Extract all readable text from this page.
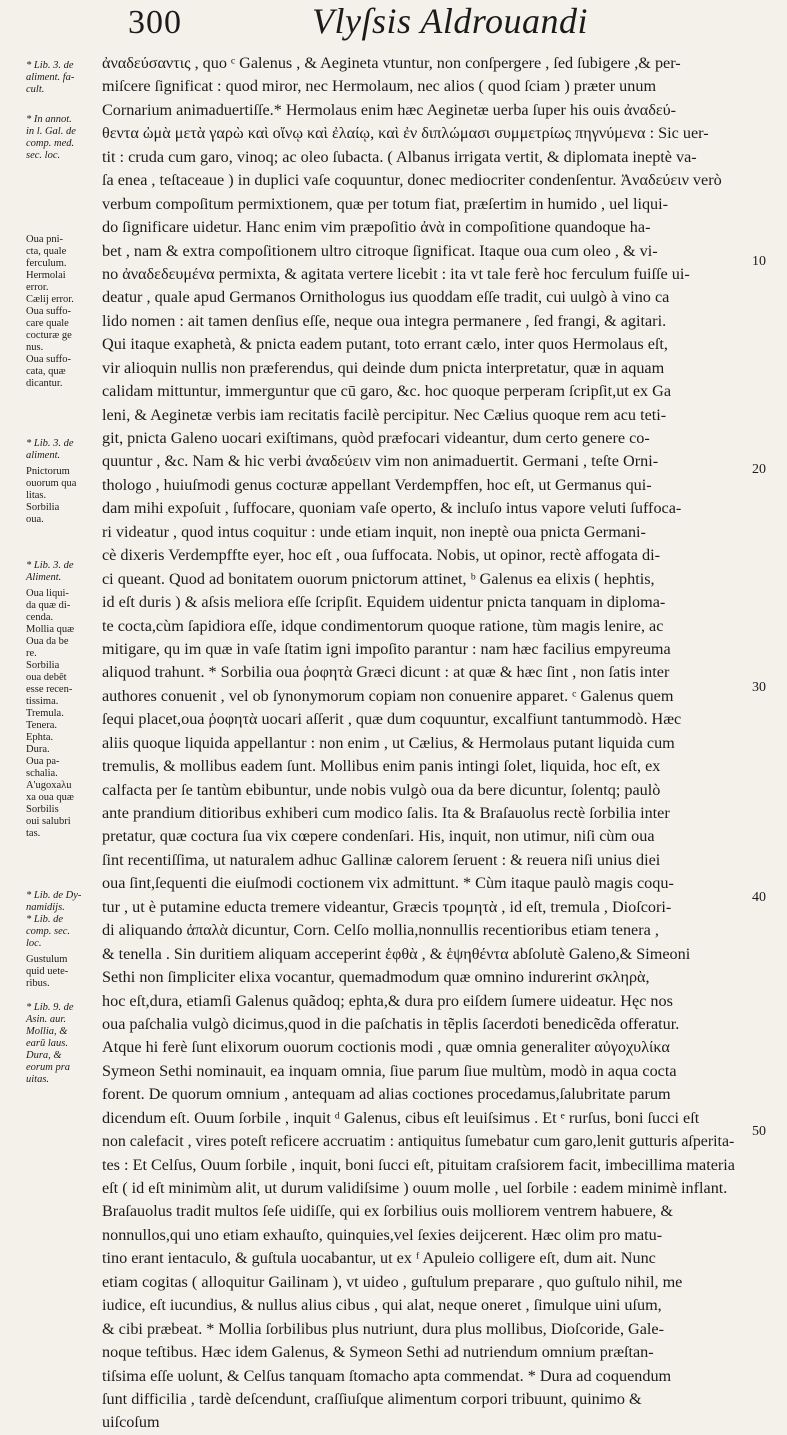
300	Vlyſsis Aldrouandi
* Lib. 3. de
aliment. fa-
cult.
* In annot.
in l. Gal. de
comp. med.
sec. loc.
Oua pni-
cta, quale
ferculum.
Hermolai
error.
Cælij error.
Oua suffo-
care quale
cocturæ ge
nus.
Oua suffo-
cata, quæ
dicantur.
* Lib. 3. de
aliment.
Pnictorum
ouorum qua
litas.
Sorbilia
oua.
* Lib. 3. de
Aliment.
Oua liqui-
da quæ di-
cenda.
Mollia quæ
Oua da be
re.
Sorbilia
oua debēt
esse recen-
tissima.
Tremula.
Tenera.
Ephta.
Dura.
Oua pa-
schalia.
A'ugoxaλu
xa oua quæ
Sorbilis
oui salubri
tas.
* Lib. de Dy-
namidijs.
* Lib. de
comp. sec.
loc.
Gustulum
quid uete-
ribus.
* Lib. 9. de
Asin. aur.
Mollia, &
earū laus.
Dura, &
eorum pra
uitas.
ἀναδεύσαντις , quo ᶜ Galenus , & Aegineta vtuntur, non conſpergere , ſed ſubigere ,& per-
miſcere ſignificat : quod miror, nec Hermolaum, nec alios ( quod ſciam ) præter unum
Cornarium animaduertiſſe.* Hermolaus enim hæc Aeginetæ uerba ſuper his ouis ἀναδεύ-
θεντα ὠμὰ μετὰ γαρὼ καὶ οἴνῳ καὶ ἐλαίῳ, καὶ ἐν διπλώμασι συμμετρίως πηγνύμενα : Sic uer-
tit : cruda cum garo, vinoq; ac oleo ſubacta. ( Albanus irrigata vertit, & diplomata ineptè va-
ſa enea , teſtaceaue ) in duplici vaſe coquuntur, donec mediocriter condenſentur. Ἀναδεύειν verò
verbum compoſitum permixtionem, quæ per totum fiat, præſertim in humido , uel liqui-
do ſignificare uidetur. Hanc enim vim præpoſitio ἀνὰ in compoſitione quandoque ha-
bet , nam & extra compoſitionem ultro citroque ſignificat. Itaque oua cum oleo , & vi-
no ἀναδεδευμένα permixta, & agitata vertere licebit : ita vt tale ferè hoc ferculum fuiſſe ui-
deatur , quale apud Germanos Ornithologus ius quoddam eſſe tradit, cui uulgò à vino ca
lido nomen : ait tamen denſius eſſe, neque oua integra permanere , ſed frangi, & agitari.
Qui itaque exaphetà, & pnicta eadem putant, toto errant cælo, inter quos Hermolaus eſt,
vir alioquin nullis non præferendus, qui deinde dum pnicta interpretatur, quæ in aquam
calidam mittuntur, immerguntur que cū garo, &c. hoc quoque perperam ſcripſit,ut ex Ga
leni, & Aeginetæ verbis iam recitatis facilè percipitur. Nec Cælius quoque rem acu teti-
git, pnicta Galeno uocari exiſtimans, quòd præfocari videantur, dum certo genere co-
quuntur , &c. Nam & hic verbi ἀναδεύειν vim non animaduertit. Germani , teſte Orni-
thologo , huiuſmodi genus cocturæ appellant Verdempffen, hoc eſt, ut Germanus qui-
dam mihi expoſuit , ſuffocare, quoniam vaſe operto, & incluſo intus vapore veluti ſuffoca-
ri videatur , quod intus coquitur : unde etiam inquit, non ineptè oua pnicta Germani-
cè dixeris Verdempffte eyer, hoc eſt , oua ſuffocata. Nobis, ut opinor, rectè affogata di-
ci queant. Quod ad bonitatem ouorum pnictorum attinet, ᵇ Galenus ea elixis ( hephtis,
id eſt duris ) & aſsis meliora eſſe ſcripſit. Equidem uidentur pnicta tanquam in diploma-
te cocta,cùm ſapidiora eſſe, idque condimentorum quoque ratione, tùm magis lenire, ac
mitigare, qu im quæ in vaſe ſtatim igni impoſito parantur : nam hæc facilius empyreuma
aliquod trahunt. * Sorbilia oua ῥοφητὰ Græci dicunt : at quæ & hæc ſint , non ſatis inter
authores conuenit , vel ob ſynonymorum copiam non conuenire apparet. ᶜ Galenus quem
ſequi placet,oua ῥοφητὰ uocari aſſerit , quæ dum coquuntur, excalfiunt tantummodò. Hæc
aliis quoque liquida appellantur : non enim , ut Cælius, & Hermolaus putant liquida cum
tremulis, & mollibus eadem ſunt. Mollibus enim panis intingi ſolet, liquida, hoc eſt, ex
calfacta per ſe tantùm ebibuntur, unde nobis vulgò oua da bere dicuntur, ſolentq; paulò
ante prandium ditioribus exhiberi cum modico ſalis. Ita & Braſauolus rectè ſorbilia inter
pretatur, quæ coctura ſua vix cœpere condenſari. His, inquit, non utimur, niſi cùm oua
ſint recentiſſima, ut naturalem adhuc Gallinæ calorem ſeruent : & reuera niſi unius diei
oua ſint,ſequenti die eiuſmodi coctionem vix admittunt. * Cùm itaque paulò magis coqu-
tur , ut è putamine educta tremere videantur, Græcis τρομητὰ , id eſt, tremula , Dioſcori-
di aliquando ἁπαλὰ dicuntur, Corn. Celſo mollia,nonnullis recentioribus etiam tenera ,
& tenella . Sin duritiem aliquam acceperint ἑφθὰ , & ἑψηθέντα abſolutè Galeno,& Simeoni
Sethi non ſimpliciter elixa vocantur, quemadmodum quæ omnino indurerint σκληρὰ,
hoc eſt,dura, etiamſi Galenus quãdoq; ephta,& dura pro eiſdem ſumere uideatur. Hęc nos
oua paſchalia vulgò dicimus,quod in die paſchatis in tẽplis ſacerdoti benedicẽda offeratur.
Atque hi ferè ſunt elixorum ouorum coctionis modi , quæ omnia generaliter αὐγοχυλίκα
Symeon Sethi nominauit, ea inquam omnia, ſiue parum ſiue multùm, modò in aqua cocta
forent. De quorum omnium , antequam ad alias coctiones procedamus,ſalubritate parum
dicendum eſt. Ouum ſorbile , inquit ᵈ Galenus, cibus eſt leuiſsimus . Et ᵉ rurſus, boni ſucci eſt
non calefacit , vires poteſt reficere accruatim : antiquitus ſumebatur cum garo,lenit gutturis aſperita-
tes : Et Celſus, Ouum ſorbile , inquit, boni ſucci eſt, pituitam craſsiorem facit, imbecillima materia
eſt ( id eſt minimùm alit, ut durum validiſsime ) ouum molle , uel ſorbile : eadem minimè inflant.
Braſauolus tradit multos ſeſe uidiſſe, qui ex ſorbilius ouis molliorem ventrem habuere, &
nonnullos,qui uno etiam exhauſto, quinquies,vel ſexies deijcerent. Hæc olim pro matu-
tino erant ientaculo, & guſtula uocabantur, ut ex ᶠ Apuleio colligere eſt, dum ait. Nunc
etiam cogitas ( alloquitur Gailinam ), vt uideo , guſtulum preparare , quo guſtulo nihil, me
iudice, eſt iucundius, & nullus alius cibus , qui alat, neque oneret , ſimulque uini uſum,
& cibi præbeat. * Mollia ſorbilibus plus nutriunt, dura plus mollibus, Dioſcoride, Gale-
noque teſtibus. Hæc idem Galenus, & Symeon Sethi ad nutriendum omnium præſtan-
tiſsima eſſe uolunt, & Celſus tanquam ſtomacho apta commendat. * Dura ad coquendum
ſunt difficilia , tardè deſcendunt, craſſiuſque alimentum corpori tribuunt, quinimo &
uiſcoſum
10
20
30
40
50
